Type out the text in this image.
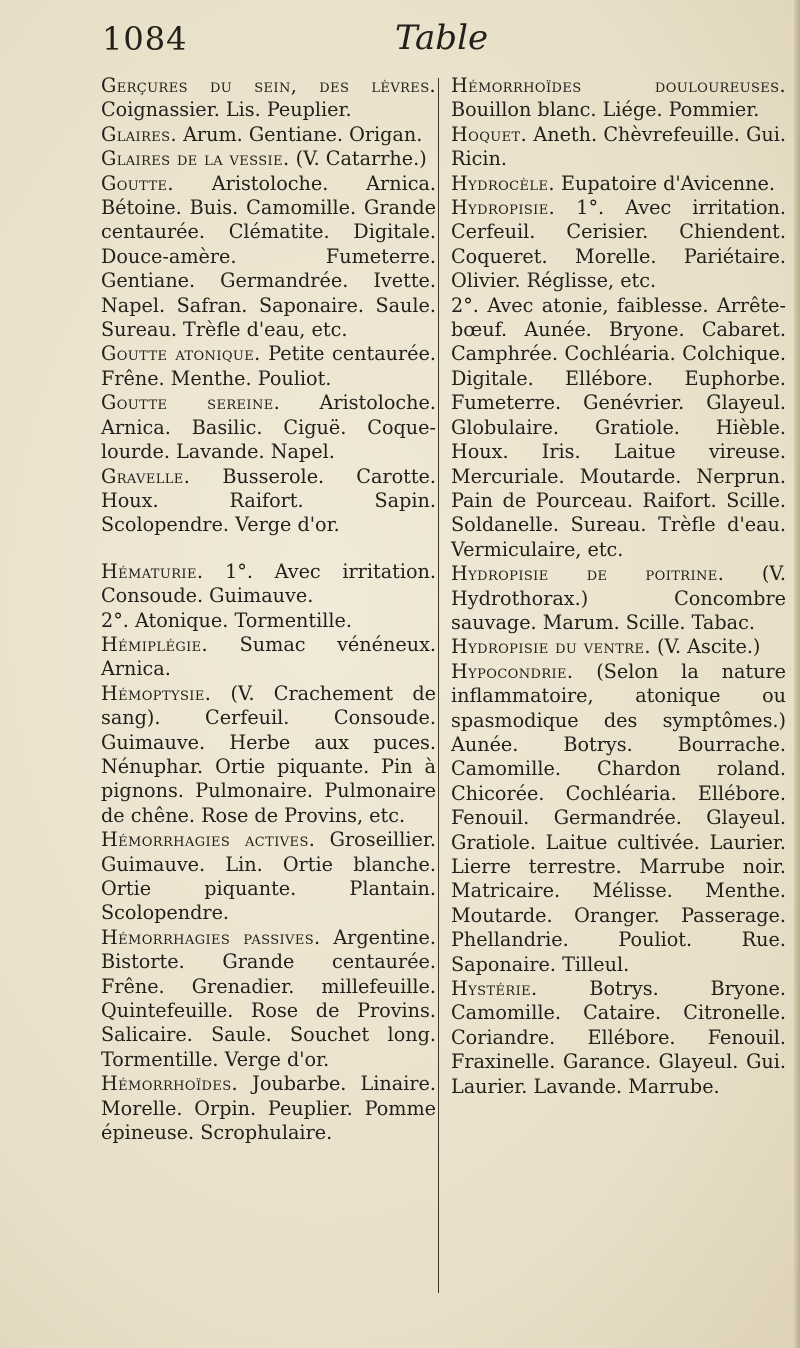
1084	Table

Gerçures du sein, des lèvres. Coignassier. Lis. Peuplier.

Glaires. Arum. Gentiane. Origan.

Glaires de la vessie. (V. Catarrhe.)

Goutte. Aristoloche. Arnica. Bétoine. Buis. Camomille. Grande centaurée. Clématite. Digitale. Douce-amère. Fumeterre. Gentiane. Germandrée. Ivette. Napel. Safran. Saponaire. Saule. Sureau. Trèfle d'eau, etc.

Goutte atonique. Petite centaurée. Frêne. Menthe. Pouliot.

Goutte sereine. Aristoloche. Arnica. Basilic. Ciguë. Coque-lourde. Lavande. Napel.

Gravelle. Busserole. Carotte. Houx. Raifort. Sapin. Scolopendre. Verge d'or.

Hématurie. 1°. Avec irritation. Consoude. Guimauve.

2°. Atonique. Tormentille.

Hémiplégie. Sumac vénéneux. Arnica.

Hémoptysie. (V. Crachement de sang). Cerfeuil. Consoude. Guimauve. Herbe aux puces. Nénuphar. Ortie piquante. Pin à pignons. Pulmonaire. Pulmonaire de chêne. Rose de Provins, etc.

Hémorrhagies actives. Groseillier. Guimauve. Lin. Ortie blanche. Ortie piquante. Plantain. Scolopendre.

Hémorrhagies passives. Argentine. Bistorte. Grande centaurée. Frêne. Grenadier. millefeuille. Quintefeuille. Rose de Provins. Salicaire. Saule. Souchet long. Tormentille. Verge d'or.

Hémorrhoïdes. Joubarbe. Linaire. Morelle. Orpin. Peuplier. Pomme épineuse. Scrophulaire.

Hémorrhoïdes douloureuses. Bouillon blanc. Liége. Pommier.

Hoquet. Aneth. Chèvrefeuille. Gui. Ricin.

Hydrocèle. Eupatoire d'Avicenne.

Hydropisie. 1°. Avec irritation. Cerfeuil. Cerisier. Chiendent. Coqueret. Morelle. Pariétaire. Olivier. Réglisse, etc.

2°. Avec atonie, faiblesse. Arrête-bœuf. Aunée. Bryone. Cabaret. Camphrée. Cochléaria. Colchique. Digitale. Ellébore. Euphorbe. Fumeterre. Genévrier. Glayeul. Globulaire. Gratiole. Hièble. Houx. Iris. Laitue vireuse. Mercuriale. Moutarde. Nerprun. Pain de Pourceau. Raifort. Scille. Soldanelle. Sureau. Trèfle d'eau. Vermiculaire, etc.

Hydropisie de poitrine. (V. Hydrothorax.) Concombre sauvage. Marum. Scille. Tabac.

Hydropisie du ventre. (V. Ascite.)

Hypocondrie. (Selon la nature inflammatoire, atonique ou spasmodique des symptômes.) Aunée. Botrys. Bourrache. Camomille. Chardon roland. Chicorée. Cochléaria. Ellébore. Fenouil. Germandrée. Glayeul. Gratiole. Laitue cultivée. Laurier. Lierre terrestre. Marrube noir. Matricaire. Mélisse. Menthe. Moutarde. Oranger. Passerage. Phellandrie. Pouliot. Rue. Saponaire. Tilleul.

Hystérie.	Botrys. Bryone. Camomille. Cataire. Citronelle. Coriandre. Ellébore. Fenouil. Fraxinelle. Garance. Glayeul. Gui. Laurier. Lavande. Marrube.
